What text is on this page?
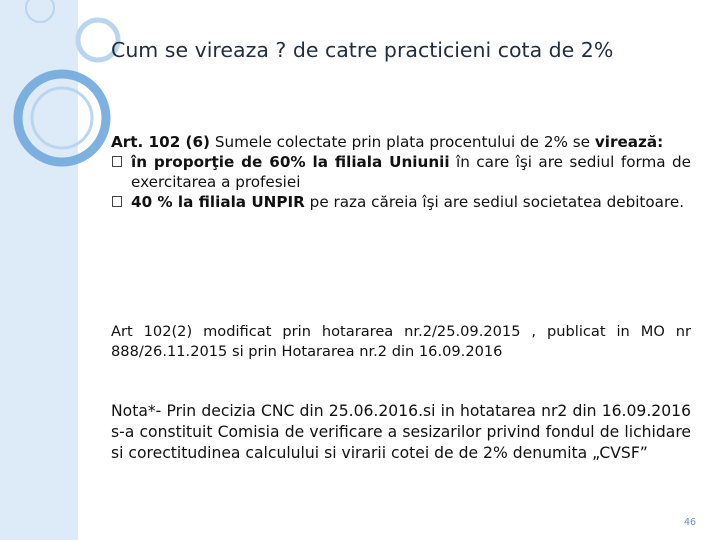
Cum se vireaza ? de catre practicieni cota de 2%
Art. 102 (6) Sumele colectate prin plata procentului de 2% se virează:
în proporţie de 60% la filiala Uniunii în care îşi are sediul forma de exercitarea a profesiei
40 % la filiala UNPIR pe raza căreia îşi are sediul societatea debitoare.
Art 102(2) modificat prin hotararea nr.2/25.09.2015 , publicat in MO nr 888/26.11.2015 si prin Hotararea nr.2 din 16.09.2016
Nota*- Prin decizia CNC din 25.06.2016.si in hotatarea nr2 din 16.09.2016 s-a constituit Comisia de verificare a sesizarilor privind fondul de lichidare si corectitudinea calculului si virarii cotei de de 2% denumita „CVSF”
46
